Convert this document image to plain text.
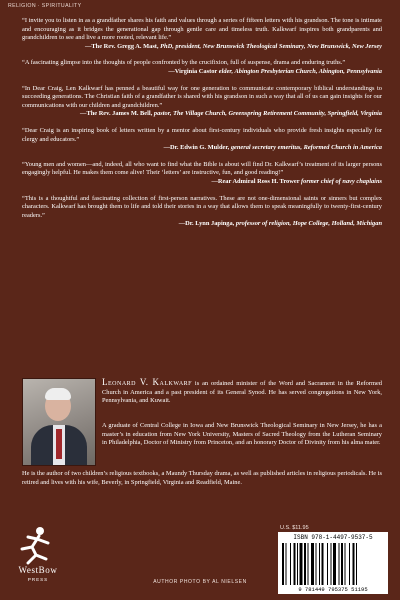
RELIGION · SPIRITUALITY

“I invite you to listen in as a grandfather shares his faith and values through a series of fifteen letters with his grandson. The tone is intimate and encouraging as it bridges the generational gap through gentle care and timeless truth. Kalkwarf inspires both grandparents and grandchildren to see and live a more rooted, relevant life.”

—The Rev. Gregg A. Mast, PhD, president, New Brunswick Theological Seminary, New Brunswick, New Jersey

“A fascinating glimpse into the thoughts of people confronted by the crucifixion, full of suspense, drama and enduring truths.”

—Virginia Castor elder, Abington Presbyterian Church, Abington, Pennsylvania

“In Dear Craig, Len Kalkwarf has penned a beautiful way for one generation to communicate contemporary biblical understandings to succeeding generations. The Christian faith of a grandfather is shared with his grandson in such a way that all of us can gain insights for our communications with our children and grandchildren.”

—The Rev. James M. Bell, pastor, The Village Church, Greenspring Retirement Community, Springfield, Virginia

“Dear Craig is an inspiring book of letters written by a mentor about first-century individuals who provide fresh insights especially for clergy and educators.”

—Dr. Edwin G. Mulder, general secretary emeritus, Reformed Church in America

“Young men and women—and, indeed, all who want to find what the Bible is about will find Dr. Kalkwarf’s treatment of its larger persons engagingly helpful. He makes them come alive! Their ‘letters’ are instructive, fun, and good reading!”

—Rear Admiral Ross H. Trower former chief of navy chaplains

“This is a thoughtful and fascinating collection of first-person narratives. These are not one-dimensional saints or sinners but complex characters. Kalkwarf has brought them to life and told their stories in a way that allows them to speak meaningfully to twenty-first-century readers.”

—Dr. Lynn Japinga, professor of religion, Hope College, Holland, Michigan

Leonard V. Kalkwarf is an ordained minister of the Word and Sacrament in the Reformed Church in America and a past president of its General Synod. He has served congregations in New York, Pennsylvania, and Kuwait.

A graduate of Central College in Iowa and New Brunswick Theological Seminary in New Jersey, he has a master’s in education from New York University, Masters of Sacred Theology from the Lutheran Seminary in Philadelphia, Doctor of Ministry from Princeton, and an honorary Doctor of Divinity from his alma mater.

He is the author of two children’s religious textbooks, a Maundy Thursday drama, as well as published articles in religious periodicals. He is retired and lives with his wife, Beverly, in Springfield, Virginia and Readfield, Maine.

WestBow
PRESS
U.S. $11.95
ISBN 978-1-4497-9537-5
9 781449 795375 51195
AUTHOR PHOTO BY AL NIELSEN
